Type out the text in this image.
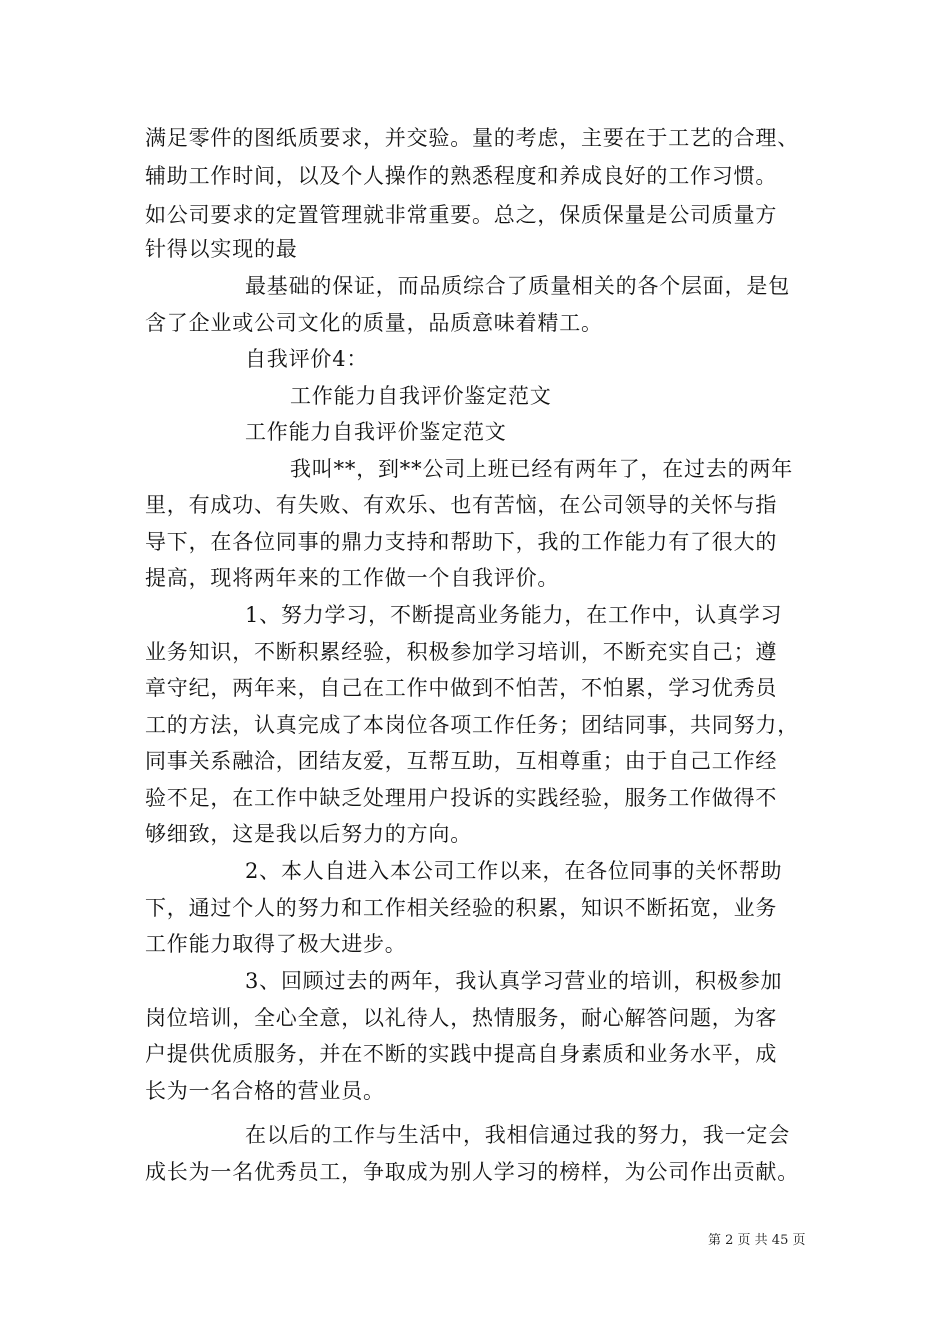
满足零件的图纸质要求，并交验。量的考虑，主要在于工艺的合理、
辅助工作时间，以及个人操作的熟悉程度和养成良好的工作习惯。
如公司要求的定置管理就非常重要。总之，保质保量是公司质量方
针得以实现的最
最基础的保证，而品质综合了质量相关的各个层面，是包
含了企业或公司文化的质量，品质意味着精工。
自我评价4：
工作能力自我评价鉴定范文
工作能力自我评价鉴定范文
我叫**，到**公司上班已经有两年了，在过去的两年
里，有成功、有失败、有欢乐、也有苦恼，在公司领导的关怀与指
导下，在各位同事的鼎力支持和帮助下，我的工作能力有了很大的
提高，现将两年来的工作做一个自我评价。
1、努力学习，不断提高业务能力，在工作中，认真学习
业务知识，不断积累经验，积极参加学习培训，不断充实自己；遵
章守纪，两年来，自己在工作中做到不怕苦，不怕累，学习优秀员
工的方法，认真完成了本岗位各项工作任务；团结同事，共同努力，
同事关系融洽，团结友爱，互帮互助，互相尊重；由于自己工作经
验不足，在工作中缺乏处理用户投诉的实践经验，服务工作做得不
够细致，这是我以后努力的方向。
2、本人自进入本公司工作以来，在各位同事的关怀帮助
下，通过个人的努力和工作相关经验的积累，知识不断拓宽，业务
工作能力取得了极大进步。
3、回顾过去的两年，我认真学习营业的培训，积极参加
岗位培训，全心全意，以礼待人，热情服务，耐心解答问题，为客
户提供优质服务，并在不断的实践中提高自身素质和业务水平，成
长为一名合格的营业员。
在以后的工作与生活中，我相信通过我的努力，我一定会
成长为一名优秀员工，争取成为别人学习的榜样，为公司作出贡献。
第 2 页 共 45 页
